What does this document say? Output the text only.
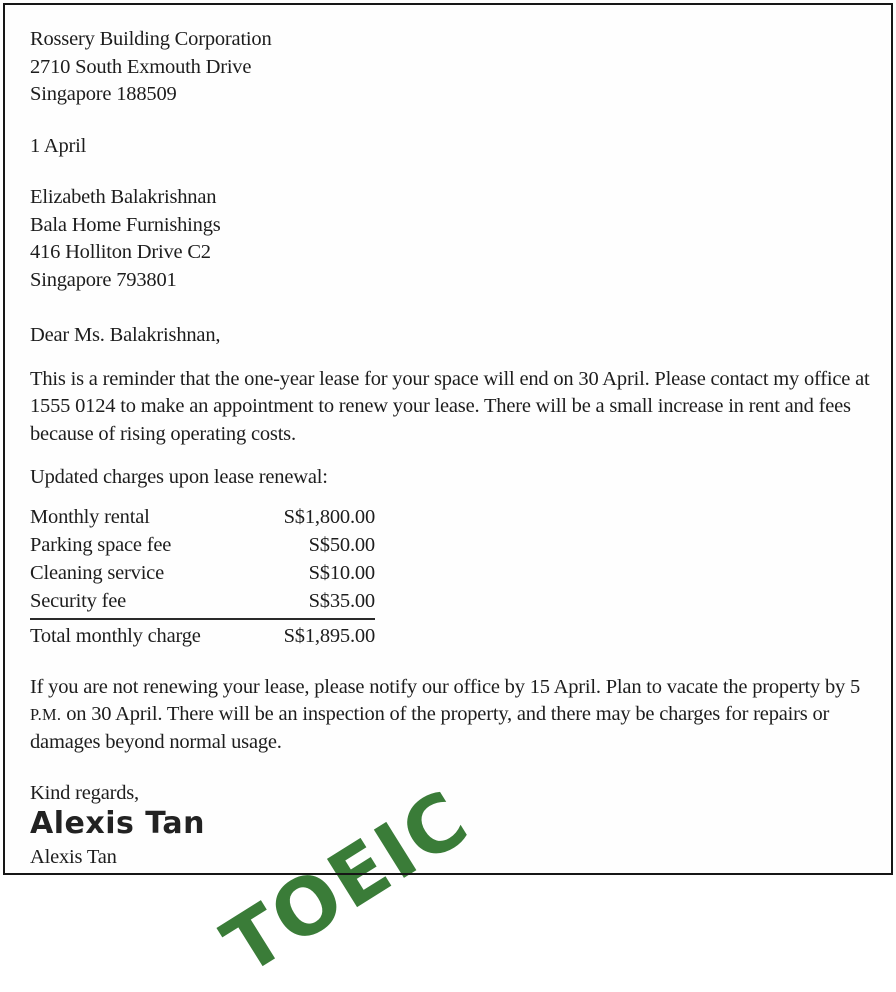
TOEIC
Rossery Building Corporation
2710 South Exmouth Drive
Singapore 188509
1 April
Elizabeth Balakrishnan
Bala Home Furnishings
416 Holliton Drive C2
Singapore 793801
Dear Ms. Balakrishnan,
This is a reminder that the one-year lease for your space will end on 30 April. Please contact my office at 1555 0124 to make an appointment to renew your lease. There will be a small increase in rent and fees because of rising operating costs.
Updated charges upon lease renewal:
Monthly rental	S$1,800.00
Parking space fee	S$50.00
Cleaning service	S$10.00
Security fee	S$35.00
Total monthly charge	S$1,895.00
If you are not renewing your lease, please notify our office by 15 April. Plan to vacate the property by 5 P.M. on 30 April. There will be an inspection of the property, and there may be charges for repairs or damages beyond normal usage.
Kind regards,
Alexis Tan
Alexis Tan
